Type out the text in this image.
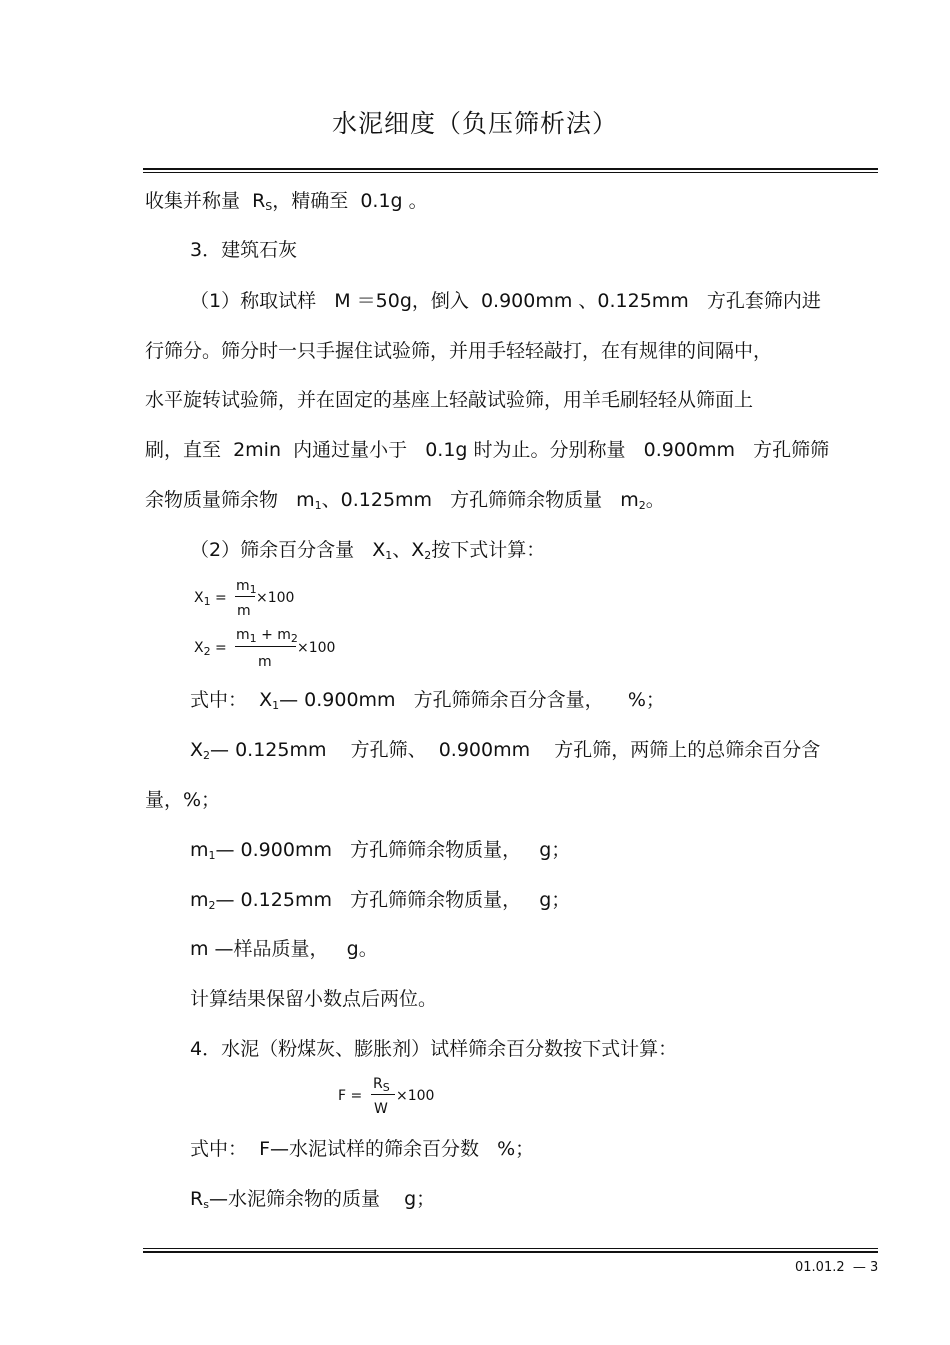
水泥细度（负压筛析法）
收集并称量  $R_S$，精确至  0.1g 。
3．建筑石灰
（1）称取试样   M ＝50g，倒入  0.900mm 、0.125mm   方孔套筛内进
行筛分。筛分时一只手握住试验筛，并用手轻轻敲打，在有规律的间隔中，
水平旋转试验筛，并在固定的基座上轻敲试验筛，用羊毛刷轻轻从筛面上
刷，直至  2min  内通过量小于   0.1g 时为止。分别称量   0.900mm   方孔筛筛
余物质量筛余物   $m_1$、0.125mm   方孔筛筛余物质量   $m_2$。
（2）筛余百分含量   $X_1$、$X_2$按下式计算：
$X_1$ =
$m_1$
m
×100
$X_2$ =
$m_1 + m_2$
m
×100
式中：  $X_1—$ 0.900mm   方孔筛筛余百分含量，    %；
$X_2—$ 0.125mm    方孔筛、  0.900mm    方孔筛，两筛上的总筛余百分含
量，%；
$m_1—$ 0.900mm   方孔筛筛余物质量，   g；
$m_2—$ 0.125mm   方孔筛筛余物质量，   g；
m —样品质量，   g。
计算结果保留小数点后两位。
4．水泥（粉煤灰、膨胀剂）试样筛余百分数按下式计算：
F =
$R_S$
W
×100
式中：  F—水泥试样的筛余百分数   %；
$R_s—$水泥筛余物的质量    g；
01.01.2  — 3
